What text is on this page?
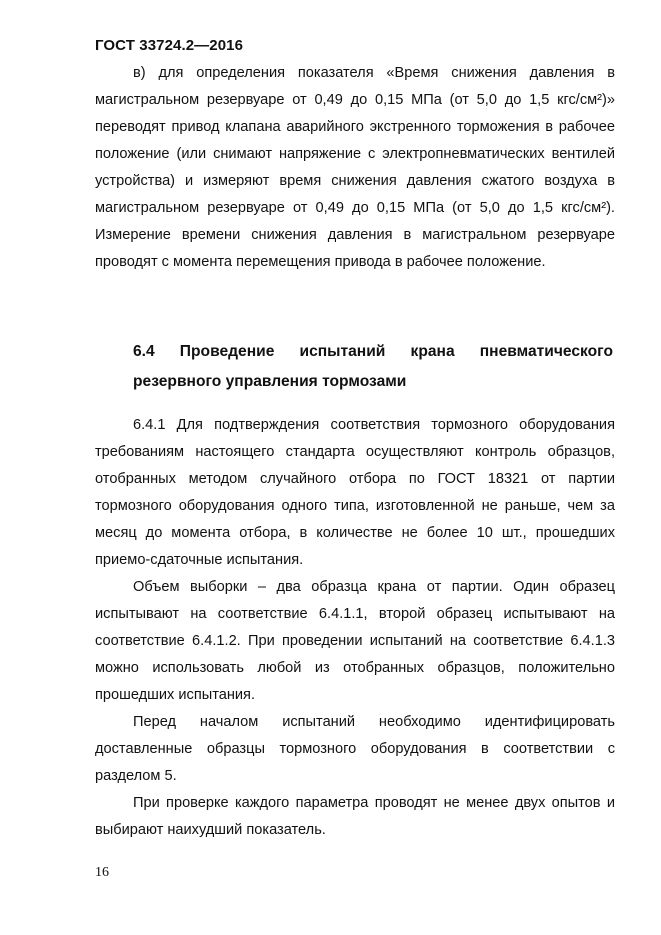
ГОСТ 33724.2—2016

в) для определения показателя «Время снижения давления в магистральном резервуаре от 0,49 до 0,15 МПа (от 5,0 до 1,5 кгс/см²)» переводят привод клапана аварийного экстренного торможения в рабочее положение (или снимают напряжение с электропневматических вентилей устройства) и измеряют время снижения давления сжатого воздуха в магистральном резервуаре от 0,49 до 0,15 МПа (от 5,0 до 1,5 кгс/см²). Измерение времени снижения давления в магистральном резервуаре проводят с момента перемещения привода в рабочее положение.

6.4 Проведение испытаний крана пневматического
резервного управления тормозами

6.4.1 Для подтверждения соответствия тормозного оборудования требованиям настоящего стандарта осуществляют контроль образцов, отобранных методом случайного отбора по ГОСТ 18321 от партии тормозного оборудования одного типа, изготовленной не раньше, чем за месяц до момента отбора, в количестве не более 10 шт., прошедших приемо-сдаточные испытания.

Объем выборки – два образца крана от партии. Один образец испытывают на соответствие 6.4.1.1, второй образец испытывают на соответствие 6.4.1.2. При проведении испытаний на соответствие 6.4.1.3 можно использовать любой из отобранных образцов, положительно прошедших испытания.

Перед началом испытаний необходимо идентифицировать доставленные образцы тормозного оборудования в соответствии с разделом 5.

При проверке каждого параметра проводят не менее двух опытов и выбирают наихудший показатель.

16
